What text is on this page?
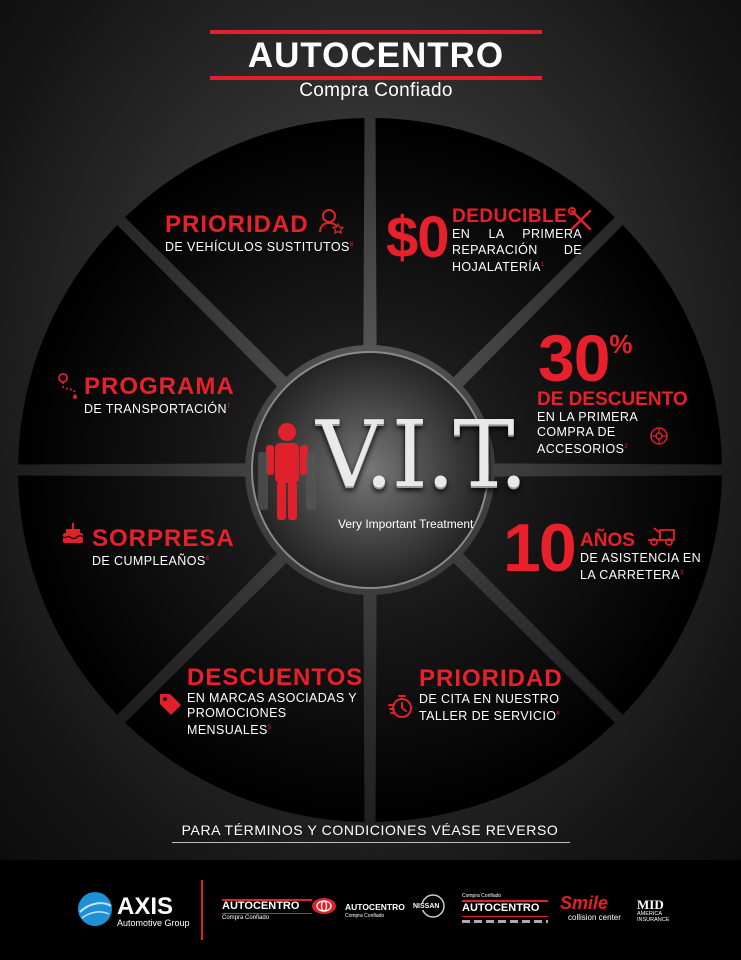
AUTOCENTRO
Compra Confiado
V.I.T.
Very Important Treatment
PRIORIDAD
DE VEHÍCULOS SUSTITUTOS$^8$ $0 DEDUCIBLE
EN LA PRIMERA REPARACIÓN DE HOJALATERÍA$^1$
30%
DE DESCUENTO
EN LA PRIMERA COMPRA DE ACCESORIOS$^2$
10 AÑOS
DE ASISTENCIA EN LA CARRETERA$^3$
PRIORIDAD
DE CITA EN NUESTRO TALLER DE SERVICIO$^4$
DESCUENTOS
EN MARCAS ASOCIADAS Y PROMOCIONES MENSUALES$^5$
SORPRESA
DE CUMPLEAÑOS$^6$
PROGRAMA
DE TRANSPORTACIÓN$^7$
PARA TÉRMINOS Y CONDICIONES VÉASE REVERSO
AXIS
Automotive Group
AUTOCENTRO
Compra Confiado
AUTOCENTRO
Compra Confiado
NISSAN
Compra Confiado
AUTOCENTRO Smile
collision center
MID
AMERICA INSURANCE
